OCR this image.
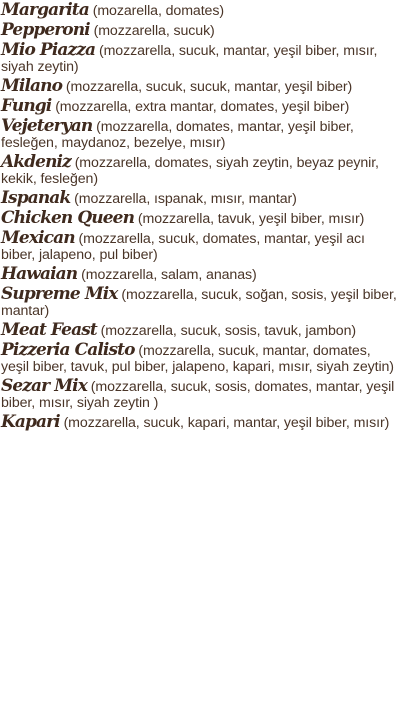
Margarita (mozarella, domates)
Pepperoni (mozzarella, sucuk)
Mio Piazza (mozzarella, sucuk, mantar, yeşil biber, mısır, siyah zeytin)
Milano (mozzarella, sucuk, sucuk, mantar, yeşil biber)
Fungi (mozzarella, extra mantar, domates, yeşil biber)
Vejeteryan (mozzarella, domates, mantar, yeşil biber, fesleğen, maydanoz, bezelye, mısır)
Akdeniz (mozzarella, domates, siyah zeytin, beyaz peynir, kekik, fesleğen)
Ispanak (mozzarella, ıspanak, mısır, mantar)
Chicken Queen (mozzarella, tavuk, yeşil biber, mısır)
Mexican (mozzarella, sucuk, domates, mantar, yeşil acı biber, jalapeno, pul biber)
Hawaian (mozzarella, salam, ananas)
Supreme Mix (mozzarella, sucuk, soğan, sosis, yeşil biber, mantar)
Meat Feast (mozzarella, sucuk, sosis, tavuk, jambon)
Pizzeria Calisto (mozzarella, sucuk, mantar, domates, yeşil biber, tavuk, pul biber, jalapeno, kapari, mısır, siyah zeytin)
Sezar Mix (mozzarella, sucuk, sosis, domates, mantar, yeşil biber, mısır, siyah zeytin )
Kapari (mozzarella, sucuk, kapari, mantar, yeşil biber, mısır)
